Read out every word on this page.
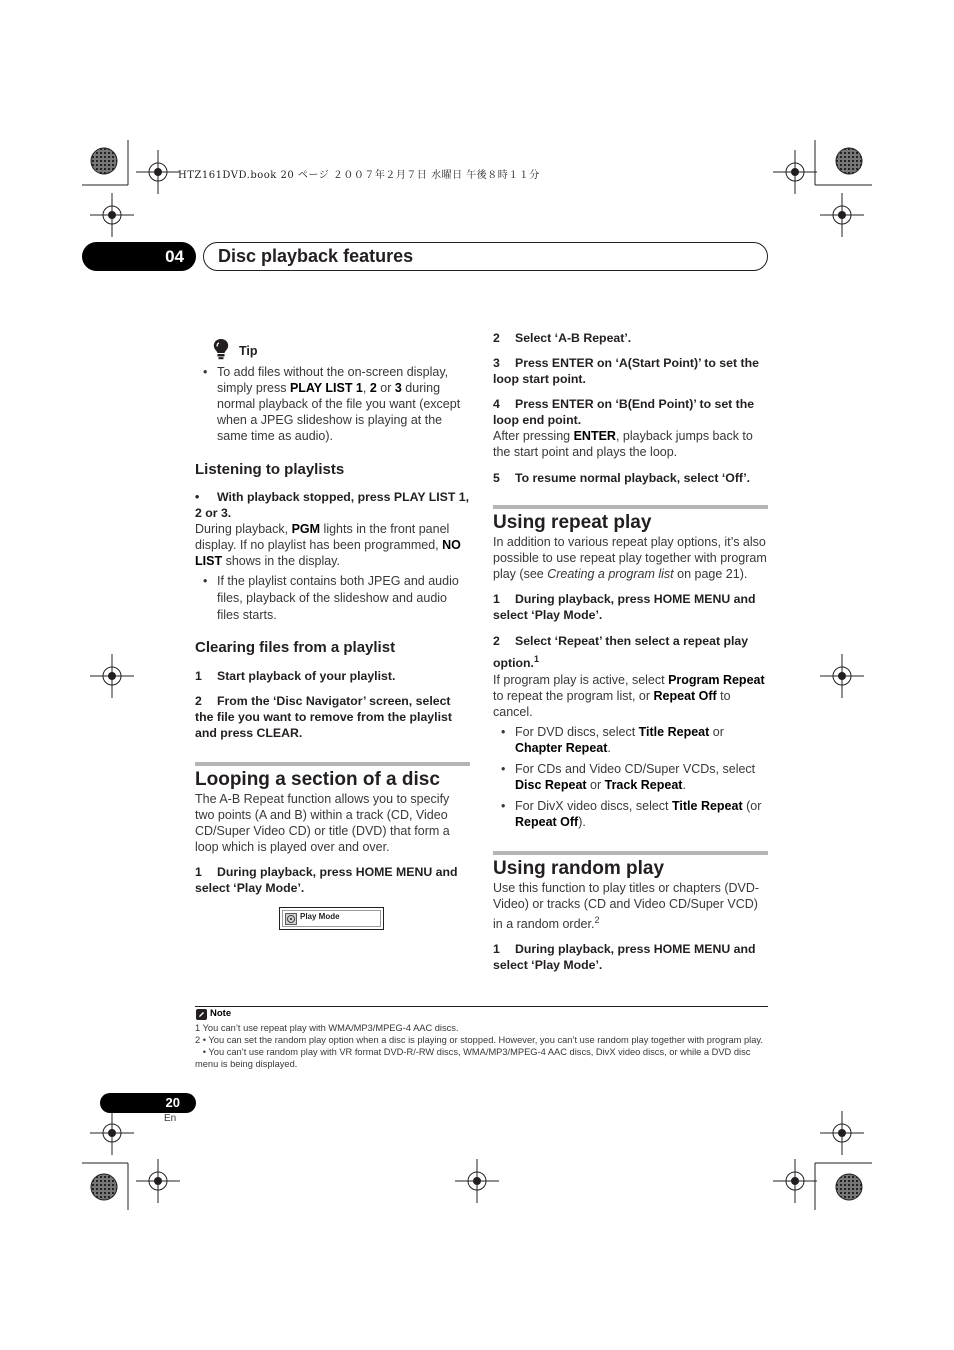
HTZ161DVD.book 20 ページ ２００７年２月７日 水曜日 午後８時１１分
04	Disc playback features
Tip
• To add files without the on-screen display, simply press PLAY LIST 1, 2 or 3 during normal playback of the file you want (except when a JPEG slideshow is playing at the same time as audio).
Listening to playlists

• With playback stopped, press PLAY LIST 1, 2 or 3.

During playback, PGM lights in the front panel display. If no playlist has been programmed, NO LIST shows in the display.

• If the playlist contains both JPEG and audio files, playback of the slideshow and audio files starts.
Clearing files from a playlist

1 Start playback of your playlist.

2 From the ‘Disc Navigator’ screen, select the file you want to remove from the playlist and press CLEAR.

Looping a section of a disc

The A-B Repeat function allows you to specify two points (A and B) within a track (CD, Video CD/Super Video CD) or title (DVD) that form a loop which is played over and over.

1 During playback, press HOME MENU and select ‘Play Mode’.

Play Mode

2 Select ‘A-B Repeat’.

3 Press ENTER on ‘A(Start Point)’ to set the loop start point.

4 Press ENTER on ‘B(End Point)’ to set the loop end point.

After pressing ENTER, playback jumps back to the start point and plays the loop.

5 To resume normal playback, select ‘Off’.

Using repeat play

In addition to various repeat play options, it’s also possible to use repeat play together with program play (see Creating a program list on page 21).

1 During playback, press HOME MENU and select ‘Play Mode’.

2 Select ‘Repeat’ then select a repeat play option.$^1$

If program play is active, select Program Repeat to repeat the program list, or Repeat Off to cancel.

• For DVD discs, select Title Repeat or Chapter Repeat.
• For CDs and Video CD/Super VCDs, select Disc Repeat or Track Repeat.
• For DivX video discs, select Title Repeat (or Repeat Off).
Using random play

Use this function to play titles or chapters (DVD-Video) or tracks (CD and Video CD/Super VCD) in a random order.$^2$

1 During playback, press HOME MENU and select ‘Play Mode’.

Note
1 You can’t use repeat play with WMA/MP3/MPEG-4 AAC discs.
2 • You can set the random play option when a disc is playing or stopped. However, you can’t use random play together with program play.
• You can’t use random play with VR format DVD-R/-RW discs, WMA/MP3/MPEG-4 AAC discs, DivX video discs, or while a DVD disc menu is being displayed.
20
En
